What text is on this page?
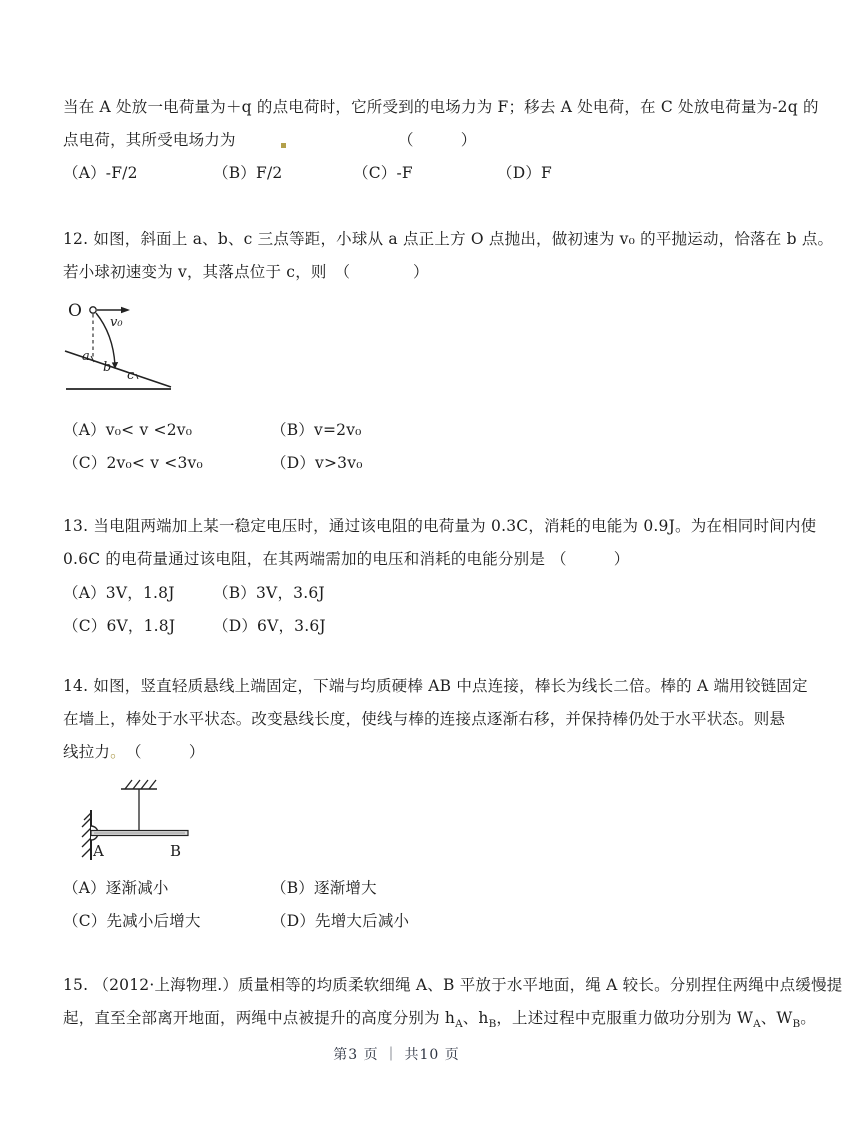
当在 A 处放一电荷量为＋q 的点电荷时，它所受到的电场力为 F；移去 A 处电荷，在 C 处放电荷量为-2q 的
点电荷，其所受电场力为	（　　　）
（A）-F/2	（B）F/2	（C）-F	（D）F
12. 如图，斜面上 a、b、c 三点等距，小球从 a 点正上方 O 点抛出，做初速为 v₀ 的平抛运动，恰落在 b 点。
若小球初速变为 v，其落点位于 c，则　（　　　　）
O
v₀
a
b
c
（A）v₀< v <2v₀	（B）v=2v₀
（C）2v₀< v <3v₀	（D）v>3v₀
13. 当电阻两端加上某一稳定电压时，通过该电阻的电荷量为 0.3C，消耗的电能为 0.9J。为在相同时间内使
0.6C 的电荷量通过该电阻，在其两端需加的电压和消耗的电能分别是 （　　　）
（A）3V，1.8J （B）3V，3.6J
（C）6V，1.8J （D）6V，3.6J
14. 如图，竖直轻质悬线上端固定，下端与均质硬棒 AB 中点连接，棒长为线长二倍。棒的 A 端用铰链固定
在墙上，棒处于水平状态。改变悬线长度，使线与棒的连接点逐渐右移，并保持棒仍处于水平状态。则悬
线拉力。　（　　　）
A	B
（A）逐渐减小	（B）逐渐增大
（C）先减小后增大	（D）先增大后减小
15. （2012·上海物理.）质量相等的均质柔软细绳 A、B 平放于水平地面，绳 A 较长。分别捏住两绳中点缓慢提
起，直至全部离开地面，两绳中点被提升的高度分别为 $h_A$、$h_B$，上述过程中克服重力做功分别为 $W_A$、$W_B$。
第3 页 ｜ 共10 页
